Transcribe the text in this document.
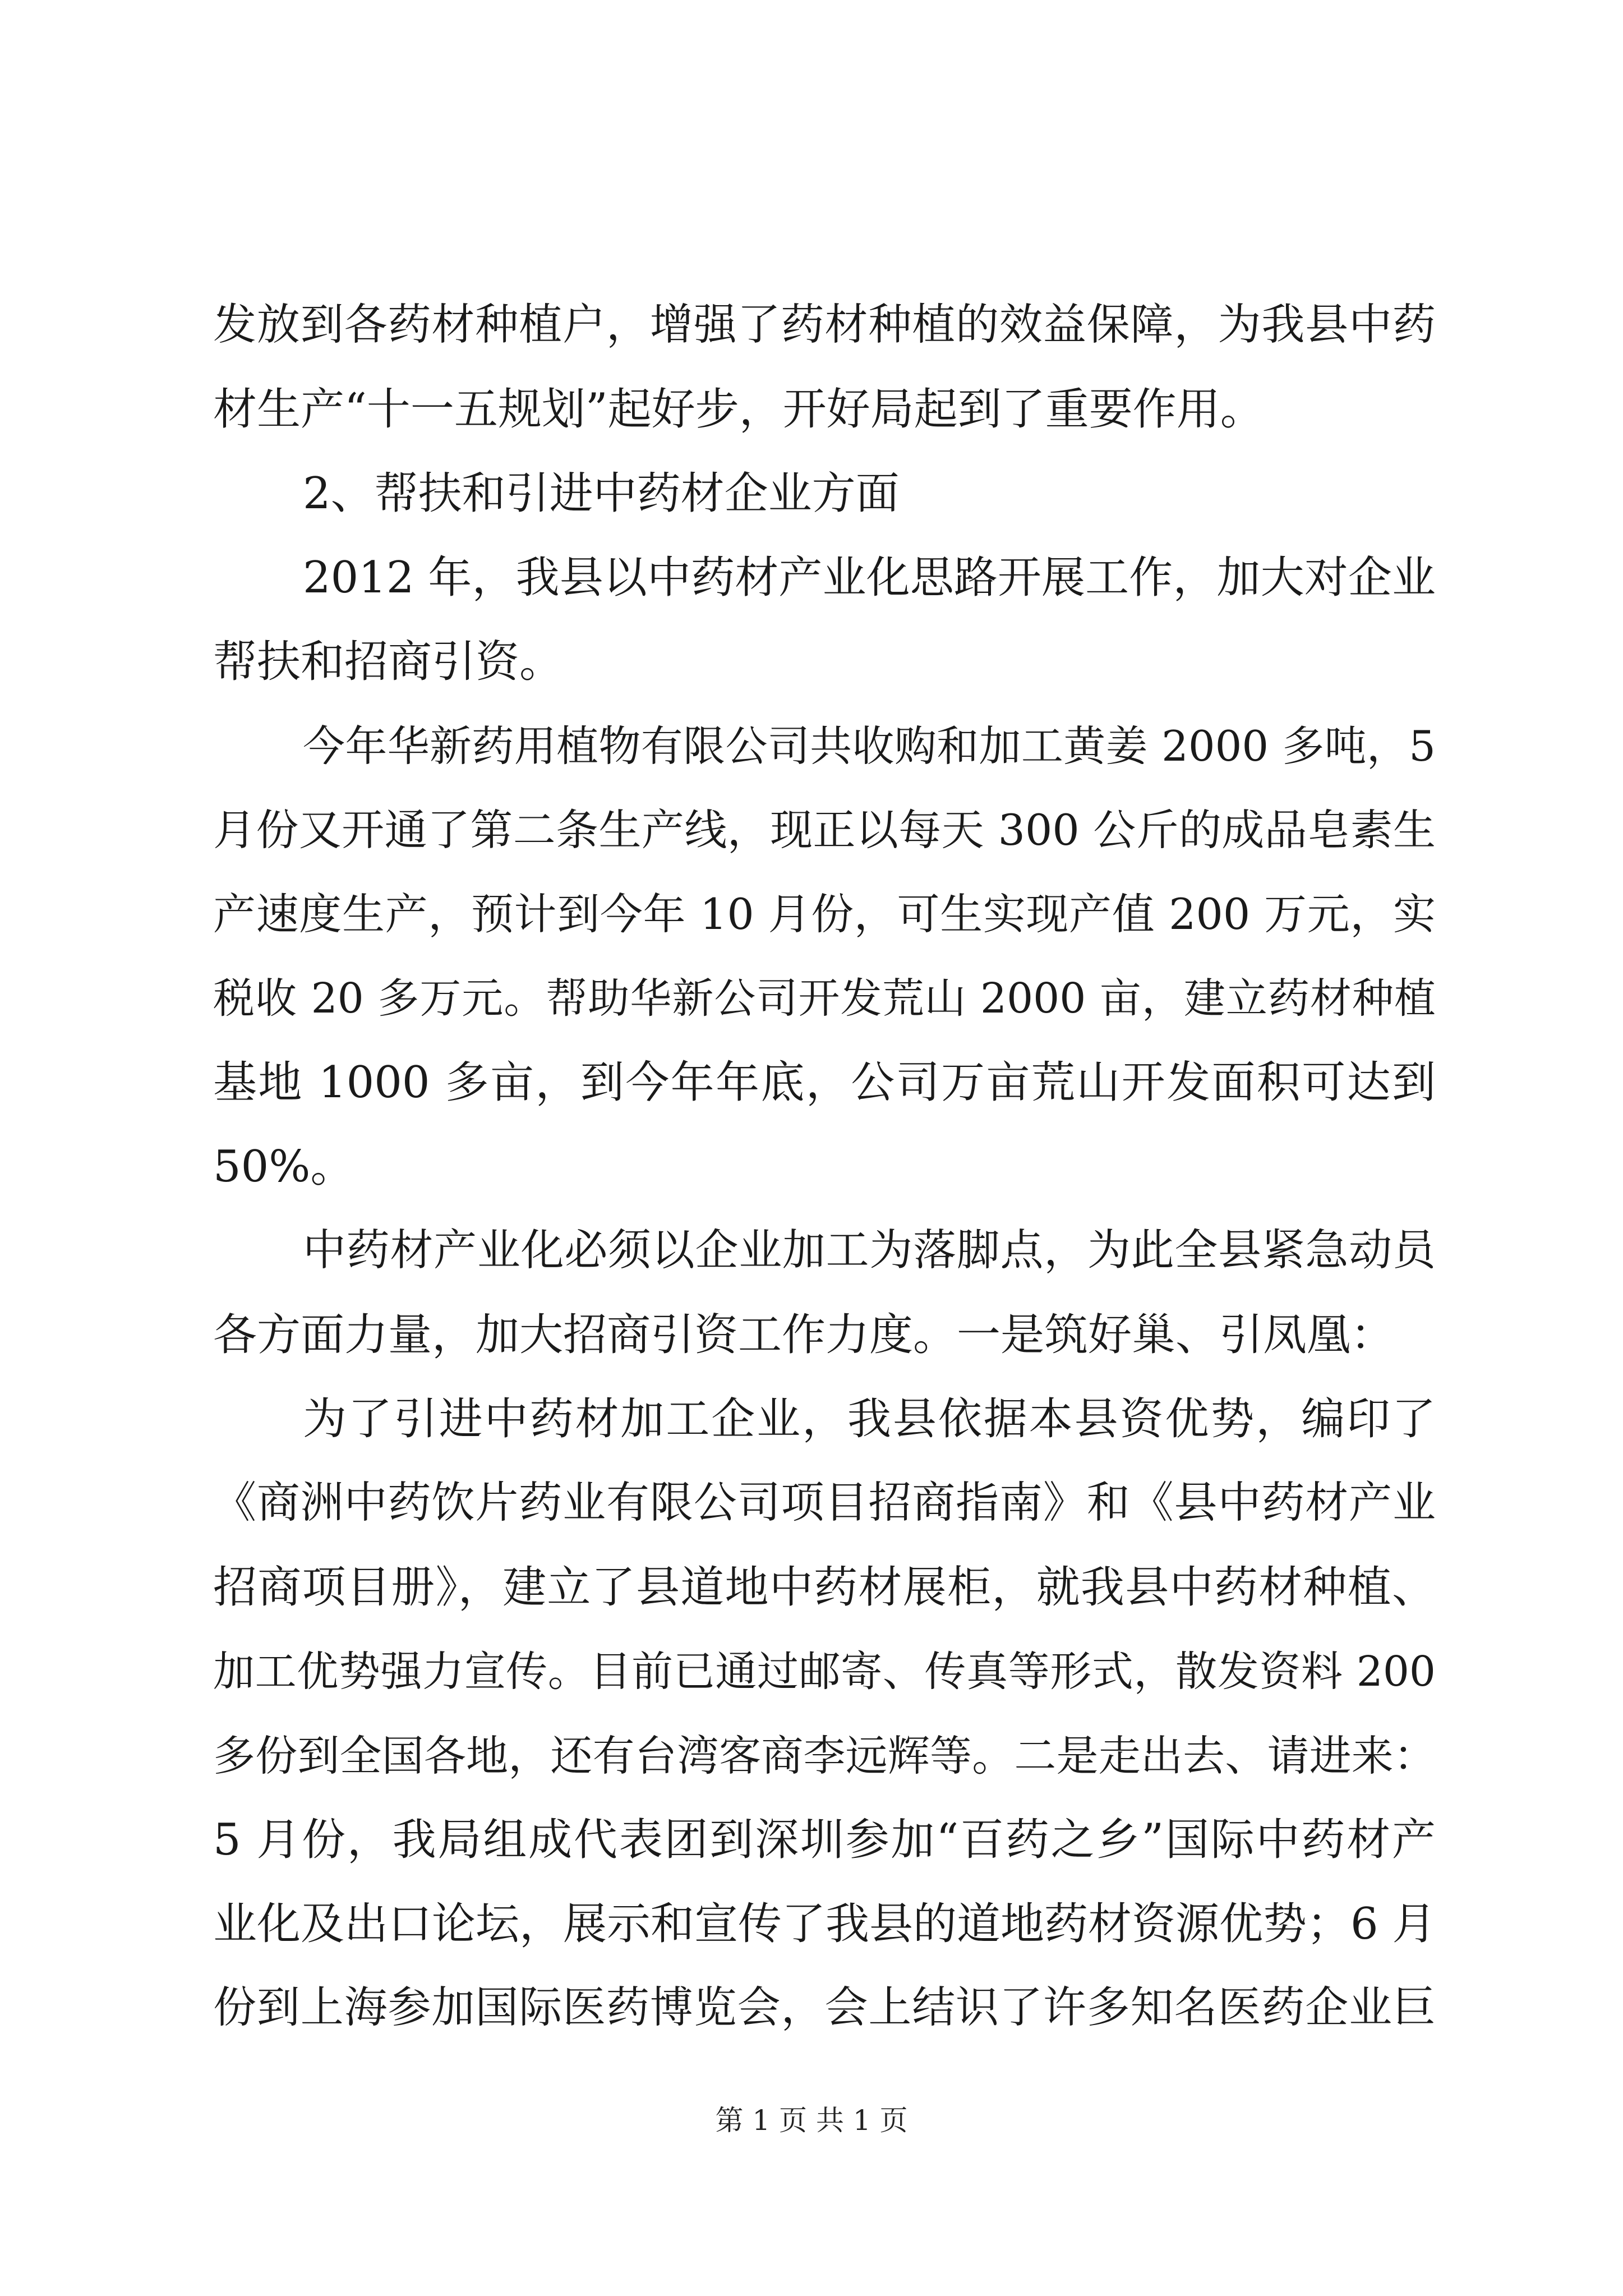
发放到各药材种植户，增强了药材种植的效益保障，为我县中药
材生产“十一五规划”起好步，开好局起到了重要作用。
2、帮扶和引进中药材企业方面
2012 年，我县以中药材产业化思路开展工作，加大对企业
帮扶和招商引资。
今年华新药用植物有限公司共收购和加工黄姜 2000 多吨，5
月份又开通了第二条生产线，现正以每天 300 公斤的成品皂素生
产速度生产，预计到今年 10 月份，可生实现产值 200 万元，实
税收 20 多万元。帮助华新公司开发荒山 2000 亩，建立药材种植
基地 1000 多亩，到今年年底，公司万亩荒山开发面积可达到
50%。
中药材产业化必须以企业加工为落脚点，为此全县紧急动员
各方面力量，加大招商引资工作力度。一是筑好巢、引凤凰：
为了引进中药材加工企业，我县依据本县资优势，编印了
《商洲中药饮片药业有限公司项目招商指南》和《县中药材产业
招商项目册》，建立了县道地中药材展柜，就我县中药材种植、
加工优势强力宣传。目前已通过邮寄、传真等形式，散发资料 200
多份到全国各地，还有台湾客商李远辉等。二是走出去、请进来：
5 月份，我局组成代表团到深圳参加“百药之乡”国际中药材产
业化及出口论坛，展示和宣传了我县的道地药材资源优势；6 月
份到上海参加国际医药博览会，会上结识了许多知名医药企业巨
第 1 页 共 1 页
